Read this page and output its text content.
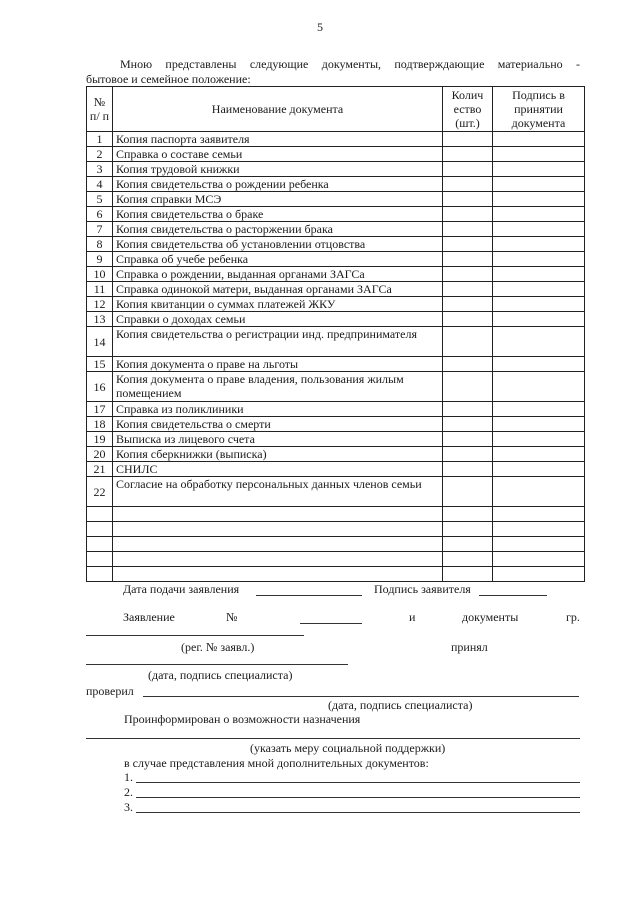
5
Мною представлены следующие документы, подтверждающие материально -
бытовое и семейное положение:
№ п/ п	Наименование документа	Колич ество (шт.)	Подпись в принятии документа
1	Копия паспорта заявителя		
2	Справка о составе семьи		
3	Копия трудовой книжки		
4	Копия свидетельства о рождении ребенка		
5	Копия справки МСЭ		
6	Копия свидетельства о браке		
7	Копия свидетельства о расторжении брака		
8	Копия свидетельства об установлении отцовства		
9	Справка об учебе ребенка		
10	Справка о рождении, выданная органами ЗАГСа		
11	Справка одинокой матери, выданная органами ЗАГСа		
12	Копия квитанции о суммах платежей ЖКУ		
13	Справки о доходах семьи		
14	Копия свидетельства о регистрации инд. предпринимателя		
15	Копия документа о праве на льготы		
16	Копия документа о праве владения, пользования жилым помещением		
17	Справка из поликлиники		
18	Копия свидетельства о смерти		
19	Выписка из лицевого счета		
20	Копия сберкнижки (выписка)		
21	СНИЛС		
22	Согласие на обработку персональных данных членов семьи		

Дата подачи заявления	Подпись заявителя
Заявление	№	и	документы	гр.
(рег. № заявл.)	принял
(дата, подпись специалиста)
проверил
(дата, подпись специалиста)
Проинформирован о возможности назначения
(указать меру социальной поддержки)
в случае представления мной дополнительных документов:
1.
2.
3.
